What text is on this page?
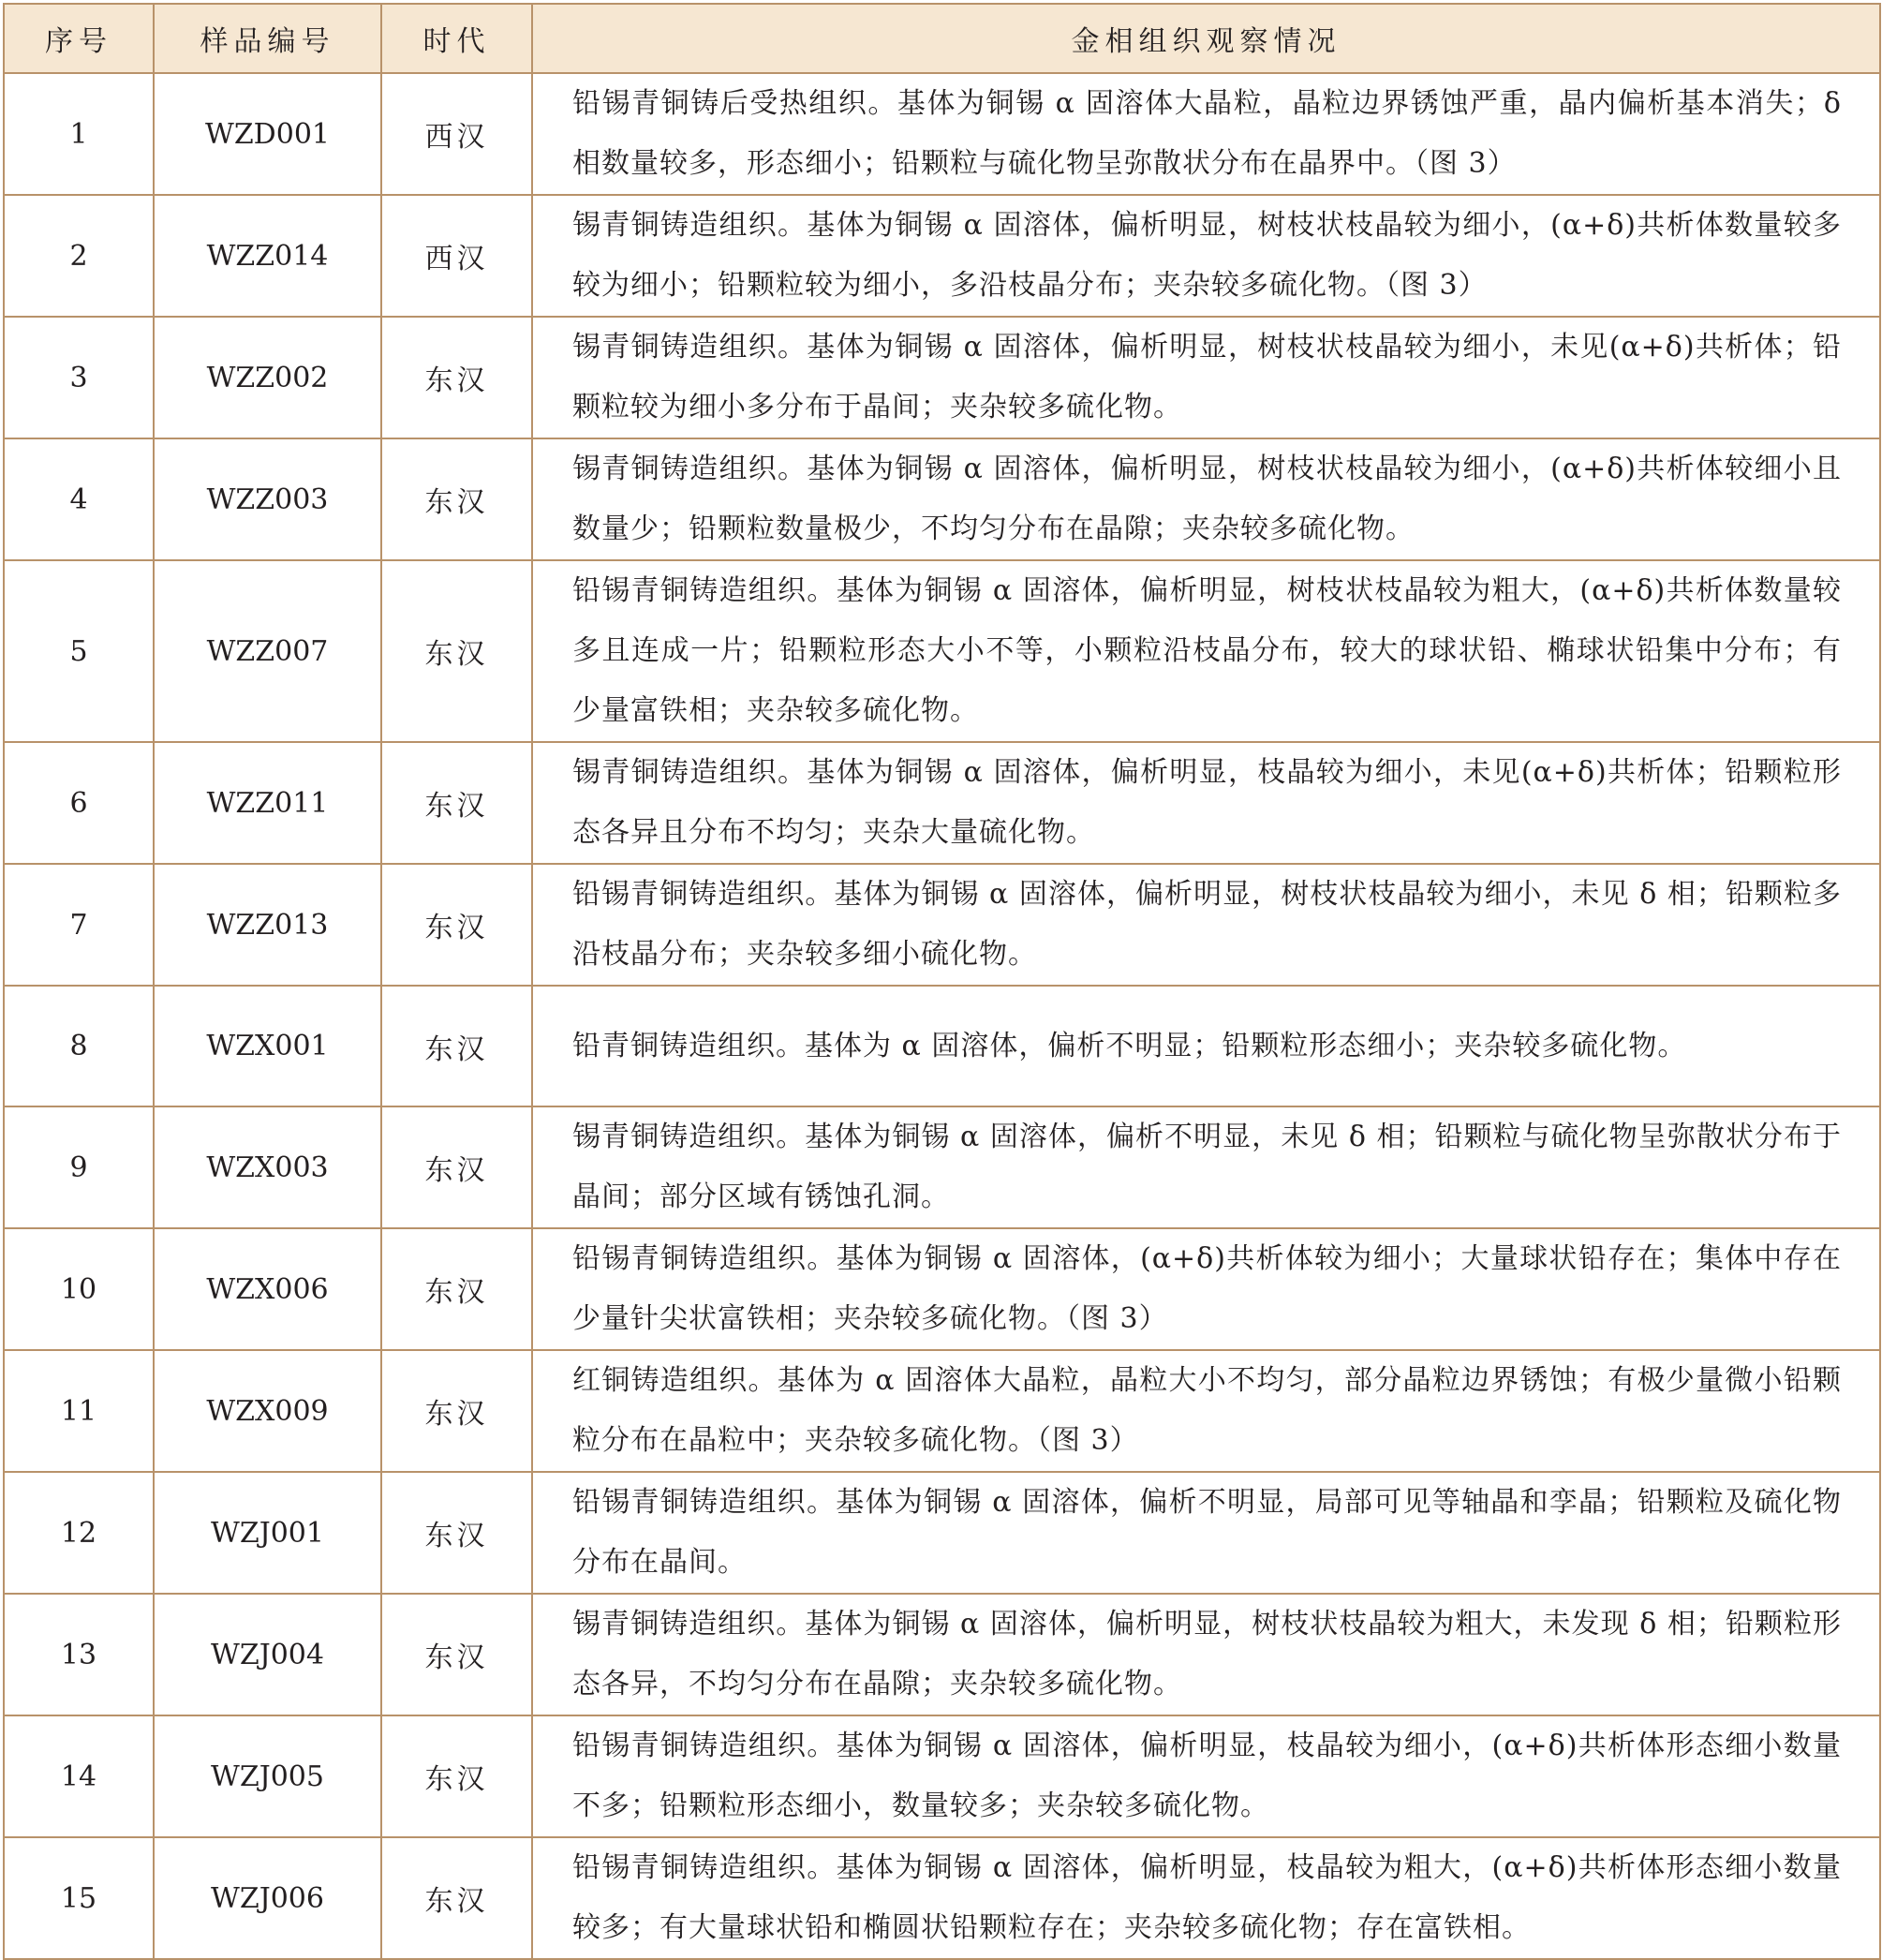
序号	样品编号	时代	金相组织观察情况
1	WZD001	西汉	铅锡青铜铸后受热组织。基体为铜锡 α 固溶体大晶粒，晶粒边界锈蚀严重，晶内偏析基本消失；δ 相数量较多，形态细小；铅颗粒与硫化物呈弥散状分布在晶界中。（图 3）
2	WZZ014	西汉	锡青铜铸造组织。基体为铜锡 α 固溶体，偏析明显，树枝状枝晶较为细小，(α+δ)共析体数量较多较为细小；铅颗粒较为细小，多沿枝晶分布；夹杂较多硫化物。（图 3）
3	WZZ002	东汉	锡青铜铸造组织。基体为铜锡 α 固溶体，偏析明显，树枝状枝晶较为细小，未见(α+δ)共析体；铅颗粒较为细小多分布于晶间；夹杂较多硫化物。
4	WZZ003	东汉	锡青铜铸造组织。基体为铜锡 α 固溶体，偏析明显，树枝状枝晶较为细小，(α+δ)共析体较细小且数量少；铅颗粒数量极少，不均匀分布在晶隙；夹杂较多硫化物。
5	WZZ007	东汉	铅锡青铜铸造组织。基体为铜锡 α 固溶体，偏析明显，树枝状枝晶较为粗大，(α+δ)共析体数量较多且连成一片；铅颗粒形态大小不等，小颗粒沿枝晶分布，较大的球状铅、椭球状铅集中分布；有少量富铁相；夹杂较多硫化物。
6	WZZ011	东汉	锡青铜铸造组织。基体为铜锡 α 固溶体，偏析明显，枝晶较为细小，未见(α+δ)共析体；铅颗粒形态各异且分布不均匀；夹杂大量硫化物。
7	WZZ013	东汉	铅锡青铜铸造组织。基体为铜锡 α 固溶体，偏析明显，树枝状枝晶较为细小，未见 δ 相；铅颗粒多沿枝晶分布；夹杂较多细小硫化物。
8	WZX001	东汉	铅青铜铸造组织。基体为 α 固溶体，偏析不明显；铅颗粒形态细小；夹杂较多硫化物。
9	WZX003	东汉	锡青铜铸造组织。基体为铜锡 α 固溶体，偏析不明显，未见 δ 相；铅颗粒与硫化物呈弥散状分布于晶间；部分区域有锈蚀孔洞。
10	WZX006	东汉	铅锡青铜铸造组织。基体为铜锡 α 固溶体，(α+δ)共析体较为细小；大量球状铅存在；集体中存在少量针尖状富铁相；夹杂较多硫化物。（图 3）
11	WZX009	东汉	红铜铸造组织。基体为 α 固溶体大晶粒，晶粒大小不均匀，部分晶粒边界锈蚀；有极少量微小铅颗粒分布在晶粒中；夹杂较多硫化物。（图 3）
12	WZJ001	东汉	铅锡青铜铸造组织。基体为铜锡 α 固溶体，偏析不明显，局部可见等轴晶和孪晶；铅颗粒及硫化物分布在晶间。
13	WZJ004	东汉	锡青铜铸造组织。基体为铜锡 α 固溶体，偏析明显，树枝状枝晶较为粗大，未发现 δ 相；铅颗粒形态各异，不均匀分布在晶隙；夹杂较多硫化物。
14	WZJ005	东汉	铅锡青铜铸造组织。基体为铜锡 α 固溶体，偏析明显，枝晶较为细小，(α+δ)共析体形态细小数量不多；铅颗粒形态细小，数量较多；夹杂较多硫化物。
15	WZJ006	东汉	铅锡青铜铸造组织。基体为铜锡 α 固溶体，偏析明显，枝晶较为粗大，(α+δ)共析体形态细小数量较多；有大量球状铅和椭圆状铅颗粒存在；夹杂较多硫化物；存在富铁相。
